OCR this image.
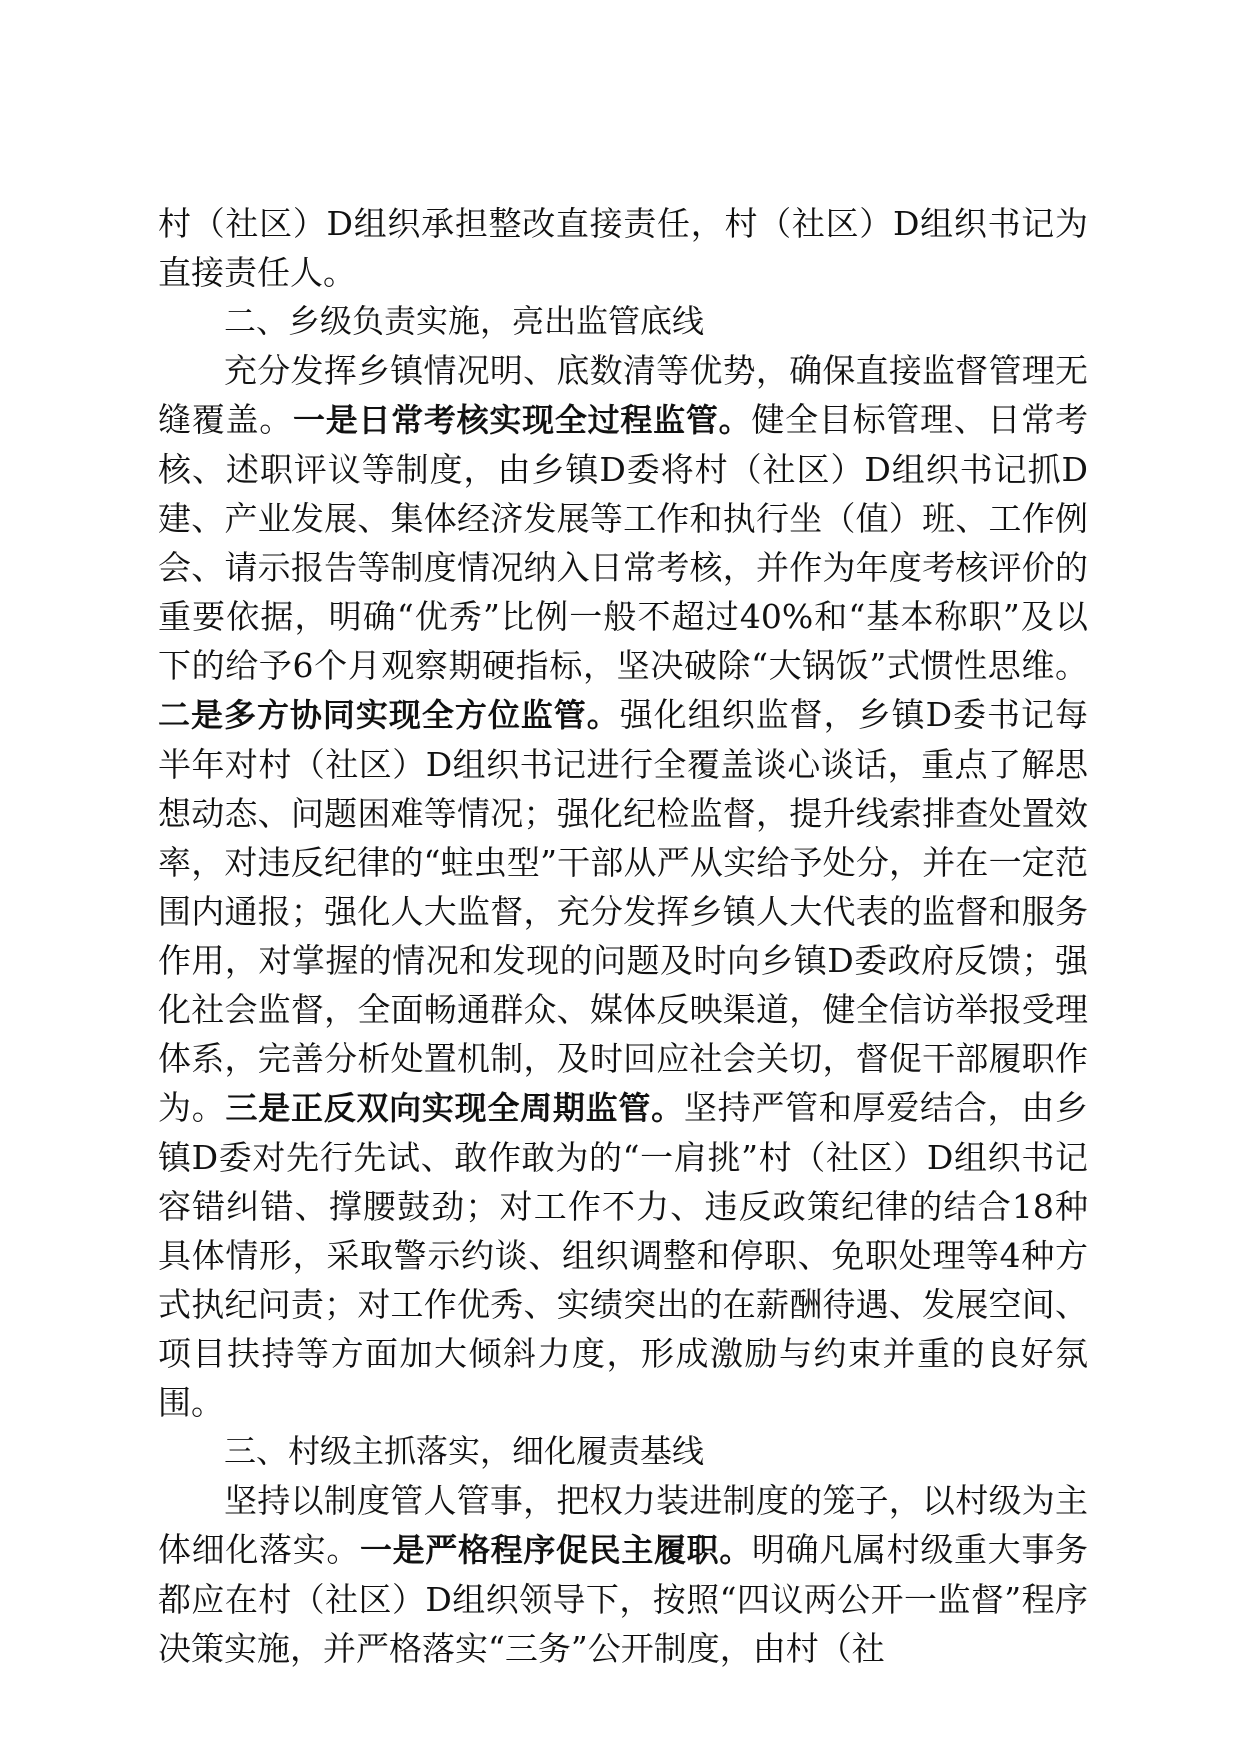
村（社区）D组织承担整改直接责任，村（社区）D组织书记为直接责任人。

二、乡级负责实施，亮出监管底线

充分发挥乡镇情况明、底数清等优势，确保直接监督管理无缝覆盖。一是日常考核实现全过程监管。健全目标管理、日常考核、述职评议等制度，由乡镇D委将村（社区）D组织书记抓D建、产业发展、集体经济发展等工作和执行坐（值）班、工作例会、请示报告等制度情况纳入日常考核，并作为年度考核评价的重要依据，明确“优秀”比例一般不超过40%和“基本称职”及以下的给予6个月观察期硬指标，坚决破除“大锅饭”式惯性思维。二是多方协同实现全方位监管。强化组织监督，乡镇D委书记每半年对村（社区）D组织书记进行全覆盖谈心谈话，重点了解思想动态、问题困难等情况；强化纪检监督，提升线索排查处置效率，对违反纪律的“蛀虫型”干部从严从实给予处分，并在一定范围内通报；强化人大监督，充分发挥乡镇人大代表的监督和服务作用，对掌握的情况和发现的问题及时向乡镇D委政府反馈；强化社会监督，全面畅通群众、媒体反映渠道，健全信访举报受理体系，完善分析处置机制，及时回应社会关切，督促干部履职作为。三是正反双向实现全周期监管。坚持严管和厚爱结合，由乡镇D委对先行先试、敢作敢为的“一肩挑”村（社区）D组织书记容错纠错、撑腰鼓劲；对工作不力、违反政策纪律的结合18种具体情形，采取警示约谈、组织调整和停职、免职处理等4种方式执纪问责；对工作优秀、实绩突出的在薪酬待遇、发展空间、项目扶持等方面加大倾斜力度，形成激励与约束并重的良好氛围。

三、村级主抓落实，细化履责基线

坚持以制度管人管事，把权力装进制度的笼子，以村级为主体细化落实。一是严格程序促民主履职。明确凡属村级重大事务都应在村（社区）D组织领导下，按照“四议两公开一监督”程序决策实施，并严格落实“三务”公开制度，由村（社
